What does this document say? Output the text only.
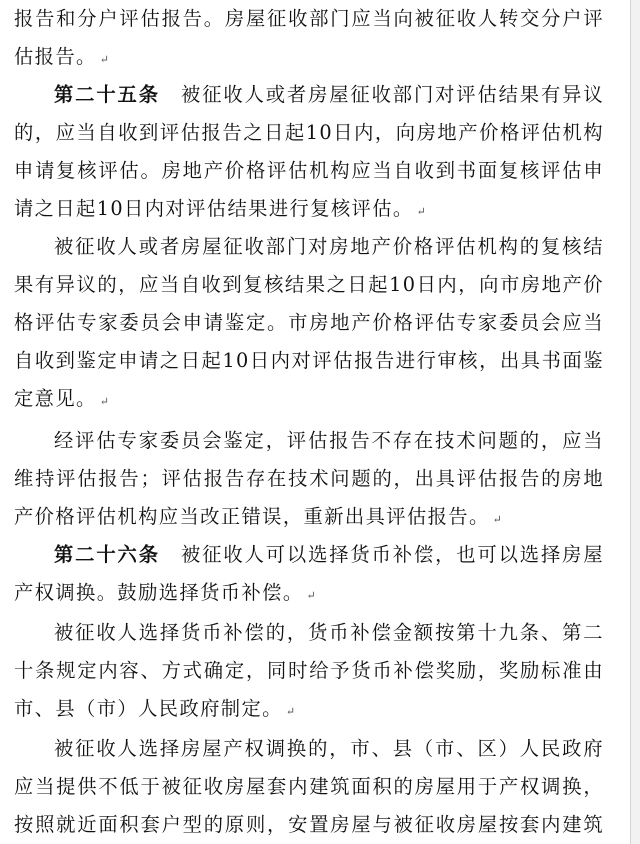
报告和分户评估报告。房屋征收部门应当向被征收人转交分户评
估报告。 ↵
第二十五条　被征收人或者房屋征收部门对评估结果有异议
的，应当自收到评估报告之日起10日内，向房地产价格评估机构
申请复核评估。房地产价格评估机构应当自收到书面复核评估申
请之日起10日内对评估结果进行复核评估。 ↵
被征收人或者房屋征收部门对房地产价格评估机构的复核结
果有异议的，应当自收到复核结果之日起10日内，向市房地产价
格评估专家委员会申请鉴定。市房地产价格评估专家委员会应当
自收到鉴定申请之日起10日内对评估报告进行审核，出具书面鉴
定意见。 ↵
经评估专家委员会鉴定，评估报告不存在技术问题的，应当
维持评估报告；评估报告存在技术问题的，出具评估报告的房地
产价格评估机构应当改正错误，重新出具评估报告。 ↵
第二十六条　被征收人可以选择货币补偿，也可以选择房屋
产权调换。鼓励选择货币补偿。 ↵
被征收人选择货币补偿的，货币补偿金额按第十九条、第二
十条规定内容、方式确定，同时给予货币补偿奖励，奖励标准由
市、县（市）人民政府制定。 ↵
被征收人选择房屋产权调换的，市、县（市、区）人民政府
应当提供不低于被征收房屋套内建筑面积的房屋用于产权调换，
按照就近面积套户型的原则，安置房屋与被征收房屋按套内建筑
